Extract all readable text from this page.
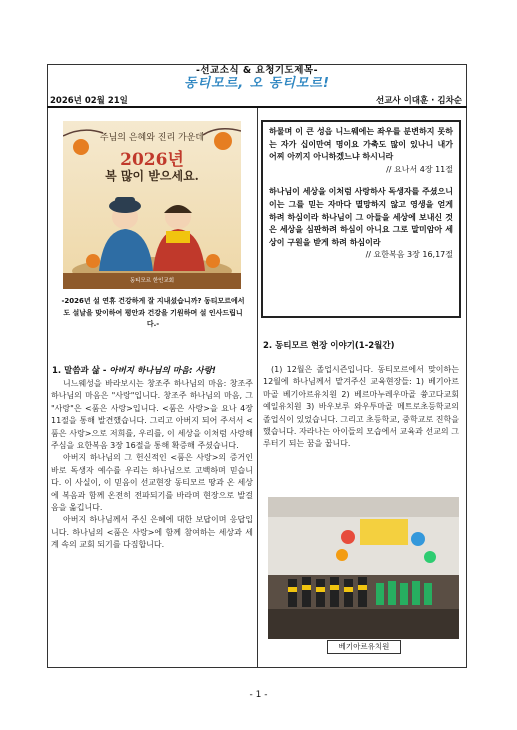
-선교소식 & 요청기도제목-
동티모르, 오 동티모르!
2026년 02월 21일	선교사 이대훈 · 김차순
주님의 은혜와 진리 가운데
2026년
복 많이 받으세요.
동티모르 한인교회
-2026년 설 연휴 건강하게 잘 지내셨습니까? 동티모르에서도 설날을 맞이하여 평안과 건강을 기원하며 설 인사드립니다.-
1. 말씀과 삶 - 아버지 하나님의 마음: 사랑!

니느웨성을 바라보시는 창조주 하나님의 마음: 창조주 하나님의 마음은 "사랑"입니다. 창조주 하나님의 마음, 그 "사랑"은 <품은 사랑>입니다. <품은 사랑>을 요나 4장 11절을 통해 발견했습니다. 그리고 아버지 되어 주셔서 <품은 사랑>으로 저희를, 우리를, 이 세상을 이처럼 사랑해 주심을 요한복음 3장 16절을 통해 확증해 주셨습니다.

아버지 하나님의 그 헌신적인 <품은 사랑>의 증거인 바로 독생자 예수를 우리는 하나님으로 고백하며 믿습니다. 이 사실이, 이 믿음이 선교현장 동티모르 땅과 온 세상에 복음과 함께 온전히 전파되기를 바라며 현장으로 발걸음을 옮깁니다.

아버지 하나님께서 주신 은혜에 대한 보답이며 응답입니다. 하나님의 <품은 사랑>에 함께 참여하는 세상과 세계 속의 교회 되기를 다짐합니다.

하물며 이 큰 성읍 니느웨에는 좌우를 분변하지 못하는 자가 십이만여 명이요 가축도 많이 있나니 내가 어찌 아끼지 아니하겠느냐 하시니라
// 요나서 4장 11절
하나님이 세상을 이처럼 사랑하사 독생자를 주셨으니 이는 그를 믿는 자마다 멸망하지 않고 영생을 얻게 하려 하심이라 하나님이 그 아들을 세상에 보내신 것은 세상을 심판하려 하심이 아니요 그로 말미암아 세상이 구원을 받게 하려 하심이라
// 요한복음 3장 16,17절
2. 동티모르 현장 이야기(1-2월간)

(1) 12월은 졸업시즌입니다. 동티모르에서 맞이하는 12월에 하나님께서 맡겨주신 교육현장들: 1) 베기아르마골 베기아르유치원 2) 베르마누레우마골 쓩고다교회 예일유치원 3) 바우보루 와우투마골 메트로초등학교의 졸업식이 있었습니다. 그리고 초등학교, 중학교로 진학을 했습니다. 자라나는 아이들의 모습에서 교육과 선교의 그루터기 되는 꿈을 꿉니다.

베기아르유치원
- 1 -
